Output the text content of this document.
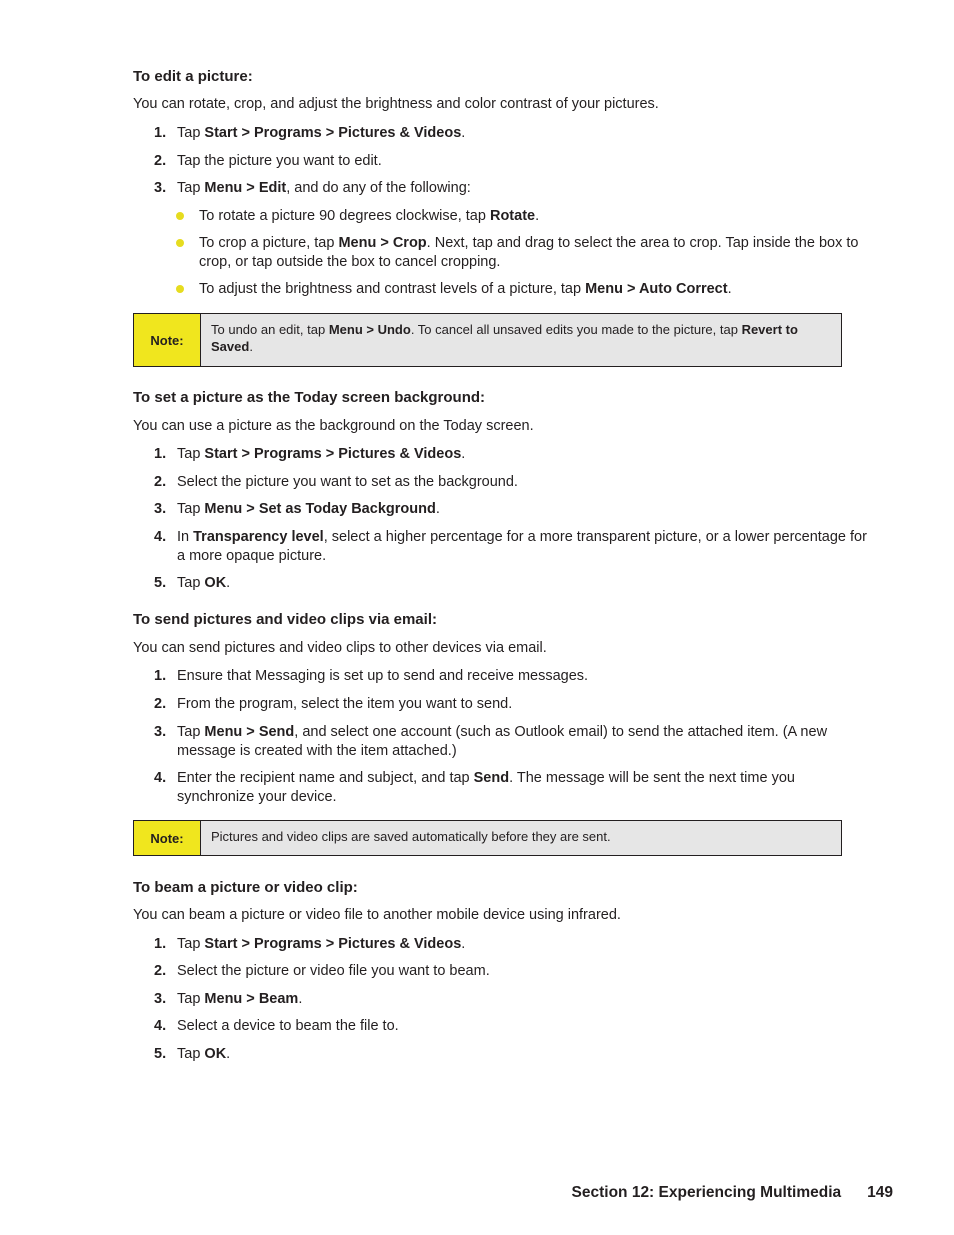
To edit a picture:

You can rotate, crop, and adjust the brightness and color contrast of your pictures.

1. Tap Start > Programs > Pictures & Videos.
2. Tap the picture you want to edit.
3. Tap Menu > Edit, and do any of the following:
To rotate a picture 90 degrees clockwise, tap Rotate.
To crop a picture, tap Menu > Crop. Next, tap and drag to select the area to crop. Tap inside the box to crop, or tap outside the box to cancel cropping.
To adjust the brightness and contrast levels of a picture, tap Menu > Auto Correct.
Note:
To undo an edit, tap Menu > Undo. To cancel all unsaved edits you made to the picture, tap Revert to Saved.
To set a picture as the Today screen background:

You can use a picture as the background on the Today screen.

1. Tap Start > Programs > Pictures & Videos.
2. Select the picture you want to set as the background.
3. Tap Menu > Set as Today Background.
4. In Transparency level, select a higher percentage for a more transparent picture, or a lower percentage for a more opaque picture.
5. Tap OK.
To send pictures and video clips via email:

You can send pictures and video clips to other devices via email.

1. Ensure that Messaging is set up to send and receive messages.
2. From the program, select the item you want to send.
3. Tap Menu > Send, and select one account (such as Outlook email) to send the attached item. (A new message is created with the item attached.)
4. Enter the recipient name and subject, and tap Send. The message will be sent the next time you synchronize your device.
Note:	Pictures and video clips are saved automatically before they are sent.
To beam a picture or video clip:

You can beam a picture or video file to another mobile device using infrared.

1. Tap Start > Programs > Pictures & Videos.
2. Select the picture or video file you want to beam.
3. Tap Menu > Beam.
4. Select a device to beam the file to.
5. Tap OK.
Section 12: Experiencing Multimedia 149
